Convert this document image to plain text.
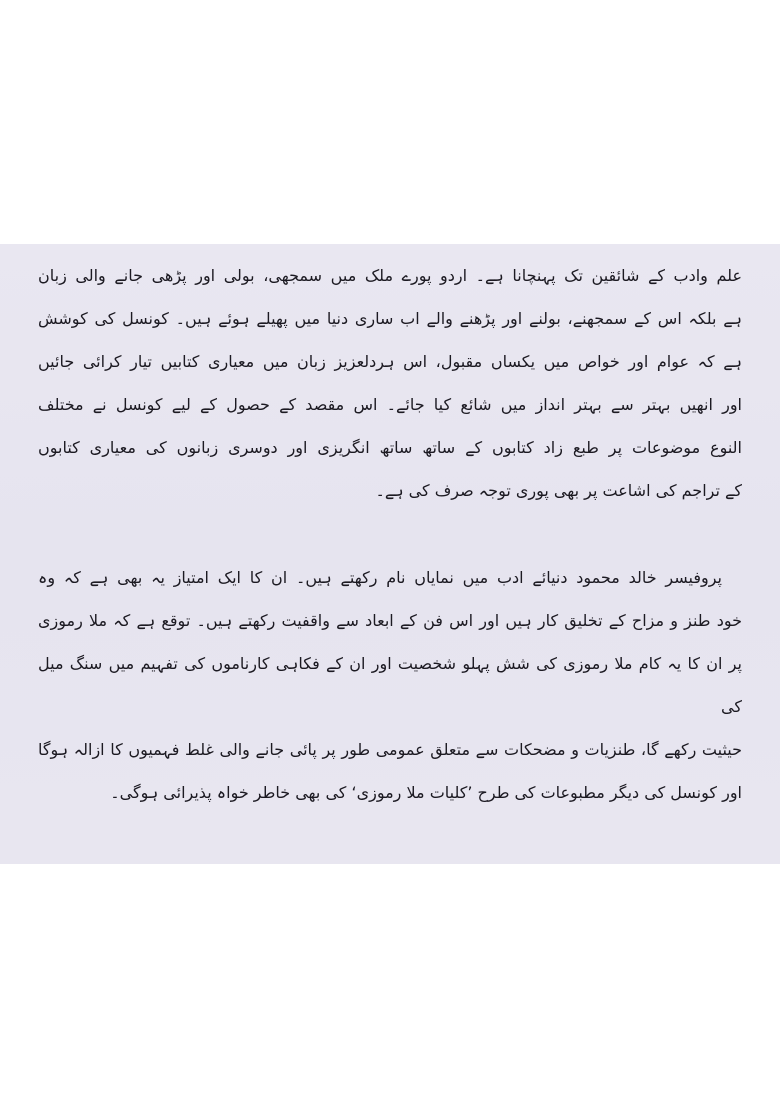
علم وادب کے شائقین تک پہنچانا ہے۔ اردو پورے ملک میں سمجھی، بولی اور پڑھی جانے والی زبان
ہے بلکہ اس کے سمجھنے، بولنے اور پڑھنے والے اب ساری دنیا میں پھیلے ہوئے ہیں۔ کونسل کی کوشش
ہے کہ عوام اور خواص میں یکساں مقبول، اس ہردلعزیز زبان میں معیاری کتابیں تیار کرائی جائیں
اور انھیں بہتر سے بہتر انداز میں شائع کیا جائے۔ اس مقصد کے حصول کے لیے کونسل نے مختلف
النوع موضوعات پر طبع زاد کتابوں کے ساتھ ساتھ انگریزی اور دوسری زبانوں کی معیاری کتابوں
کے تراجم کی اشاعت پر بھی پوری توجہ صرف کی ہے۔
پروفیسر خالد محمود دنیائے ادب میں نمایاں نام رکھتے ہیں۔ ان کا ایک امتیاز یہ بھی ہے کہ وہ
خود طنز و مزاح کے تخلیق کار ہیں اور اس فن کے ابعاد سے واقفیت رکھتے ہیں۔ توقع ہے کہ ملا رموزی
پر ان کا یہ کام ملا رموزی کی شش پہلو شخصیت اور ان کے فکاہی کارناموں کی تفہیم میں سنگ میل کی
حیثیت رکھے گا، طنزیات و مضحکات سے متعلق عمومی طور پر پائی جانے والی غلط فہمیوں کا ازالہ ہوگا
اور کونسل کی دیگر مطبوعات کی طرح ’کلیات ملا رموزی‘ کی بھی خاطر خواہ پذیرائی ہوگی۔
